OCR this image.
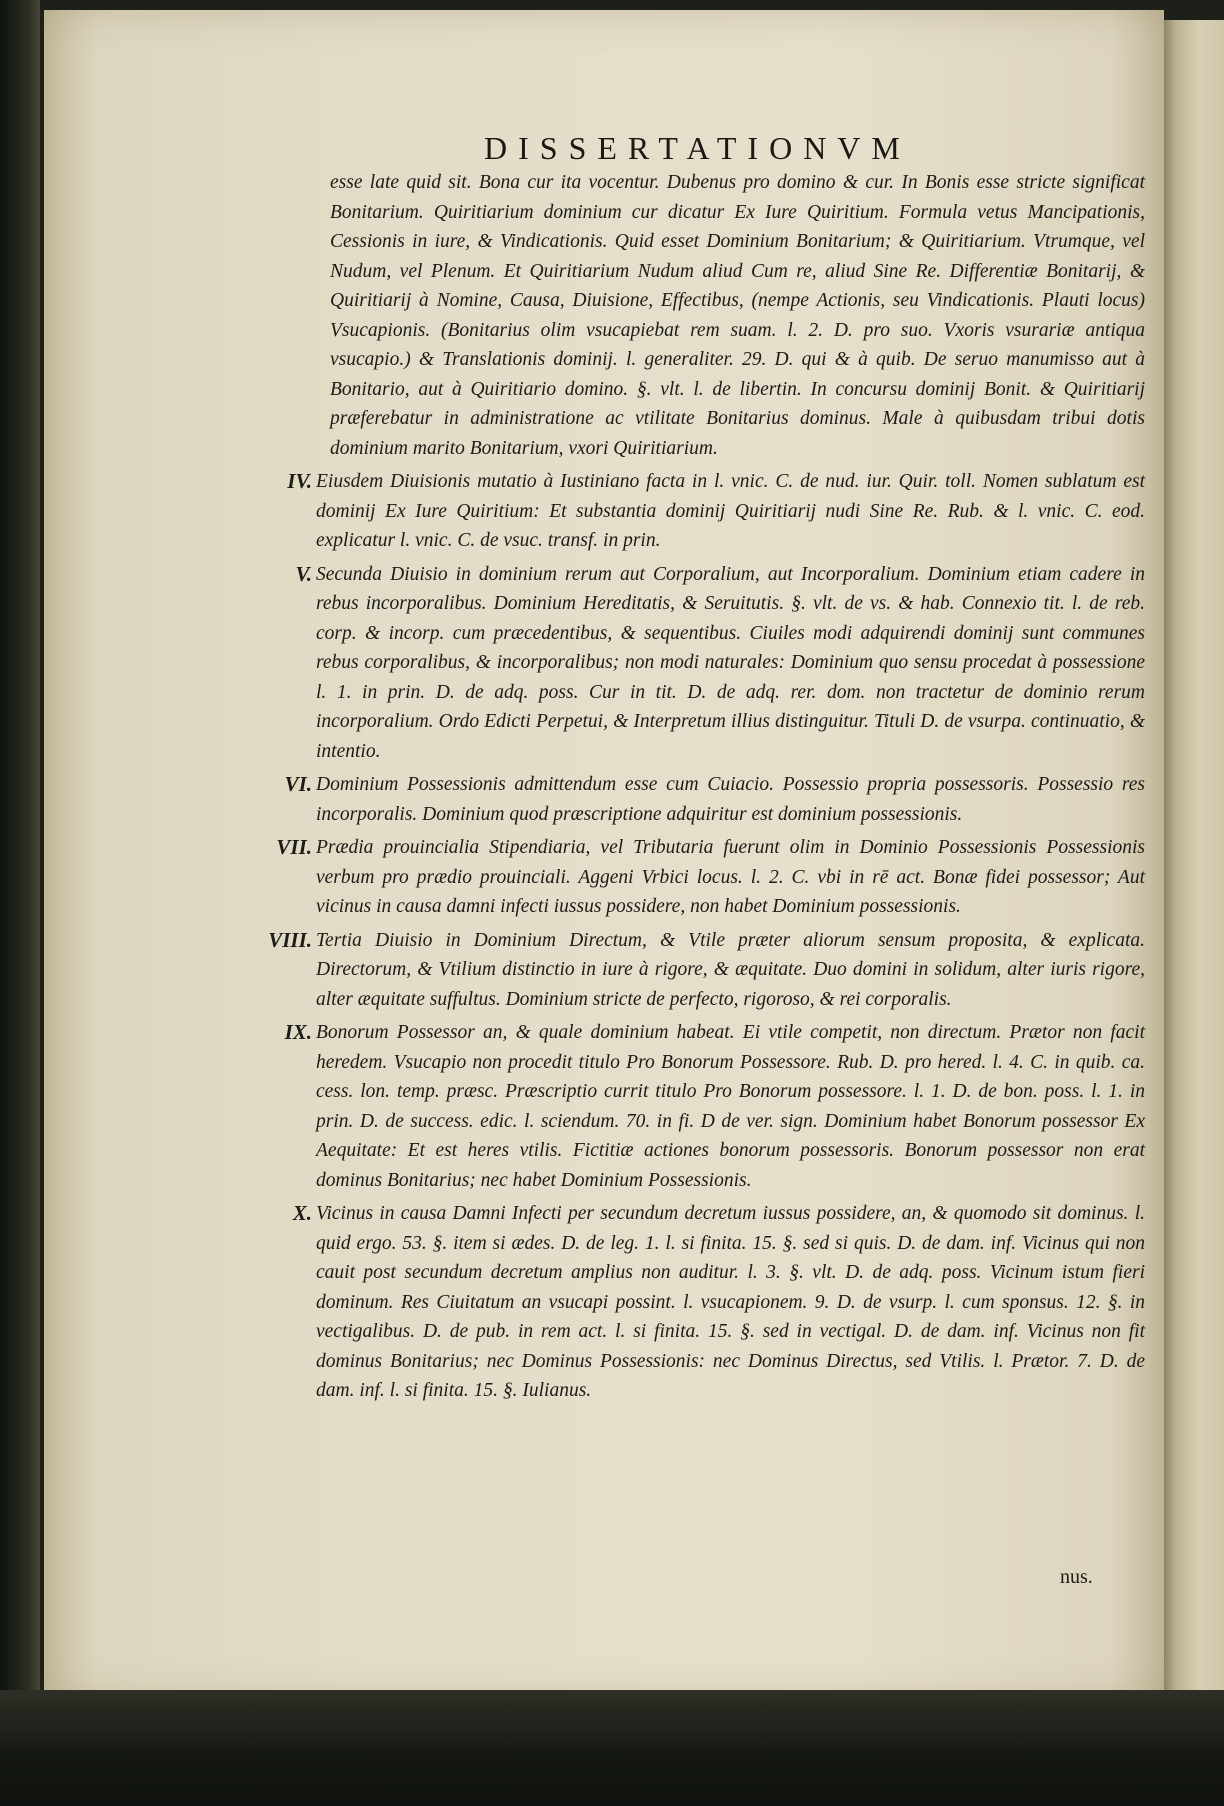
DISSERTATIONVM
esse late quid sit. Bona cur ita vocentur. Dubenus pro domino & cur. In Bonis esse stricte significat Bonitarium. Quiritiarium dominium cur dicatur Ex Iure Quiritium. Formula vetus Mancipationis, Cessionis in iure, & Vindicationis. Quid esset Dominium Bonitarium; & Quiritiarium. Vtrumque, vel Nudum, vel Plenum. Et Quiritiarium Nudum aliud Cum re, aliud Sine Re. Differentiæ Bonitarij, & Quiritiarij à Nomine, Causa, Diuisione, Effectibus, (nempe Actionis, seu Vindicationis. Plauti locus) Vsucapionis. (Bonitarius olim vsucapiebat rem suam. l. 2. D. pro suo. Vxoris vsurariæ antiqua vsucapio.) & Translationis dominij. l. generaliter. 29. D. qui & à quib. De seruo manumisso aut à Bonitario, aut à Quiritiario domino. §. vlt. l. de libertin. In concursu dominij Bonit. & Quiritiarij præferebatur in administratione ac vtilitate Bonitarius dominus. Male à quibusdam tribui dotis dominium marito Bonitarium, vxori Quiritiarium.
IV. Eiusdem Diuisionis mutatio à Iustiniano facta in l. vnic. C. de nud. iur. Quir. toll. Nomen sublatum est dominij Ex Iure Quiritium: Et substantia dominij Quiritiarij nudi Sine Re. Rub. & l. vnic. C. eod. explicatur l. vnic. C. de vsuc. transf. in prin.
V. Secunda Diuisio in dominium rerum aut Corporalium, aut Incorporalium. Dominium etiam cadere in rebus incorporalibus. Dominium Hereditatis, & Seruitutis. §. vlt. de vs. & hab. Connexio tit. l. de reb. corp. & incorp. cum præcedentibus, & sequentibus. Ciuiles modi adquirendi dominij sunt communes rebus corporalibus, & incorporalibus; non modi naturales: Dominium quo sensu procedat à possessione l. 1. in prin. D. de adq. poss. Cur in tit. D. de adq. rer. dom. non tractetur de dominio rerum incorporalium. Ordo Edicti Perpetui, & Interpretum illius distinguitur. Tituli D. de vsurpa. continuatio, & intentio.
VI. Dominium Possessionis admittendum esse cum Cuiacio. Possessio propria possessoris. Possessio res incorporalis. Dominium quod præscriptione adquiritur est dominium possessionis.
VII. Prædia prouincialia Stipendiaria, vel Tributaria fuerunt olim in Dominio Possessionis Possessionis verbum pro prædio prouinciali. Aggeni Vrbici locus. l. 2. C. vbi in rē act. Bonæ fidei possessor; Aut vicinus in causa damni infecti iussus possidere, non habet Dominium possessionis.
VIII. Tertia Diuisio in Dominium Directum, & Vtile præter aliorum sensum proposita, & explicata. Directorum, & Vtilium distinctio in iure à rigore, & æquitate. Duo domini in solidum, alter iuris rigore, alter æquitate suffultus. Dominium stricte de perfecto, rigoroso, & rei corporalis.
IX. Bonorum Possessor an, & quale dominium habeat. Ei vtile competit, non directum. Prætor non facit heredem. Vsucapio non procedit titulo Pro Bonorum Possessore. Rub. D. pro hered. l. 4. C. in quib. ca. cess. lon. temp. præsc. Præscriptio currit titulo Pro Bonorum possessore. l. 1. D. de bon. poss. l. 1. in prin. D. de success. edic. l. sciendum. 70. in fi. D de ver. sign. Dominium habet Bonorum possessor Ex Aequitate: Et est heres vtilis. Fictitiæ actiones bonorum possessoris. Bonorum possessor non erat dominus Bonitarius; nec habet Dominium Possessionis.
X. Vicinus in causa Damni Infecti per secundum decretum iussus possidere, an, & quomodo sit dominus. l. quid ergo. 53. §. item si ædes. D. de leg. 1. l. si finita. 15. §. sed si quis. D. de dam. inf. Vicinus qui non cauit post secundum decretum amplius non auditur. l. 3. §. vlt. D. de adq. poss. Vicinum istum fieri dominum. Res Ciuitatum an vsucapi possint. l. vsucapionem. 9. D. de vsurp. l. cum sponsus. 12. §. in vectigalibus. D. de pub. in rem act. l. si finita. 15. §. sed in vectigal. D. de dam. inf. Vicinus non fit dominus Bonitarius; nec Dominus Possessionis: nec Dominus Directus, sed Vtilis. l. Prætor. 7. D. de dam. inf. l. si finita. 15. §. Iulianus.
nus.
